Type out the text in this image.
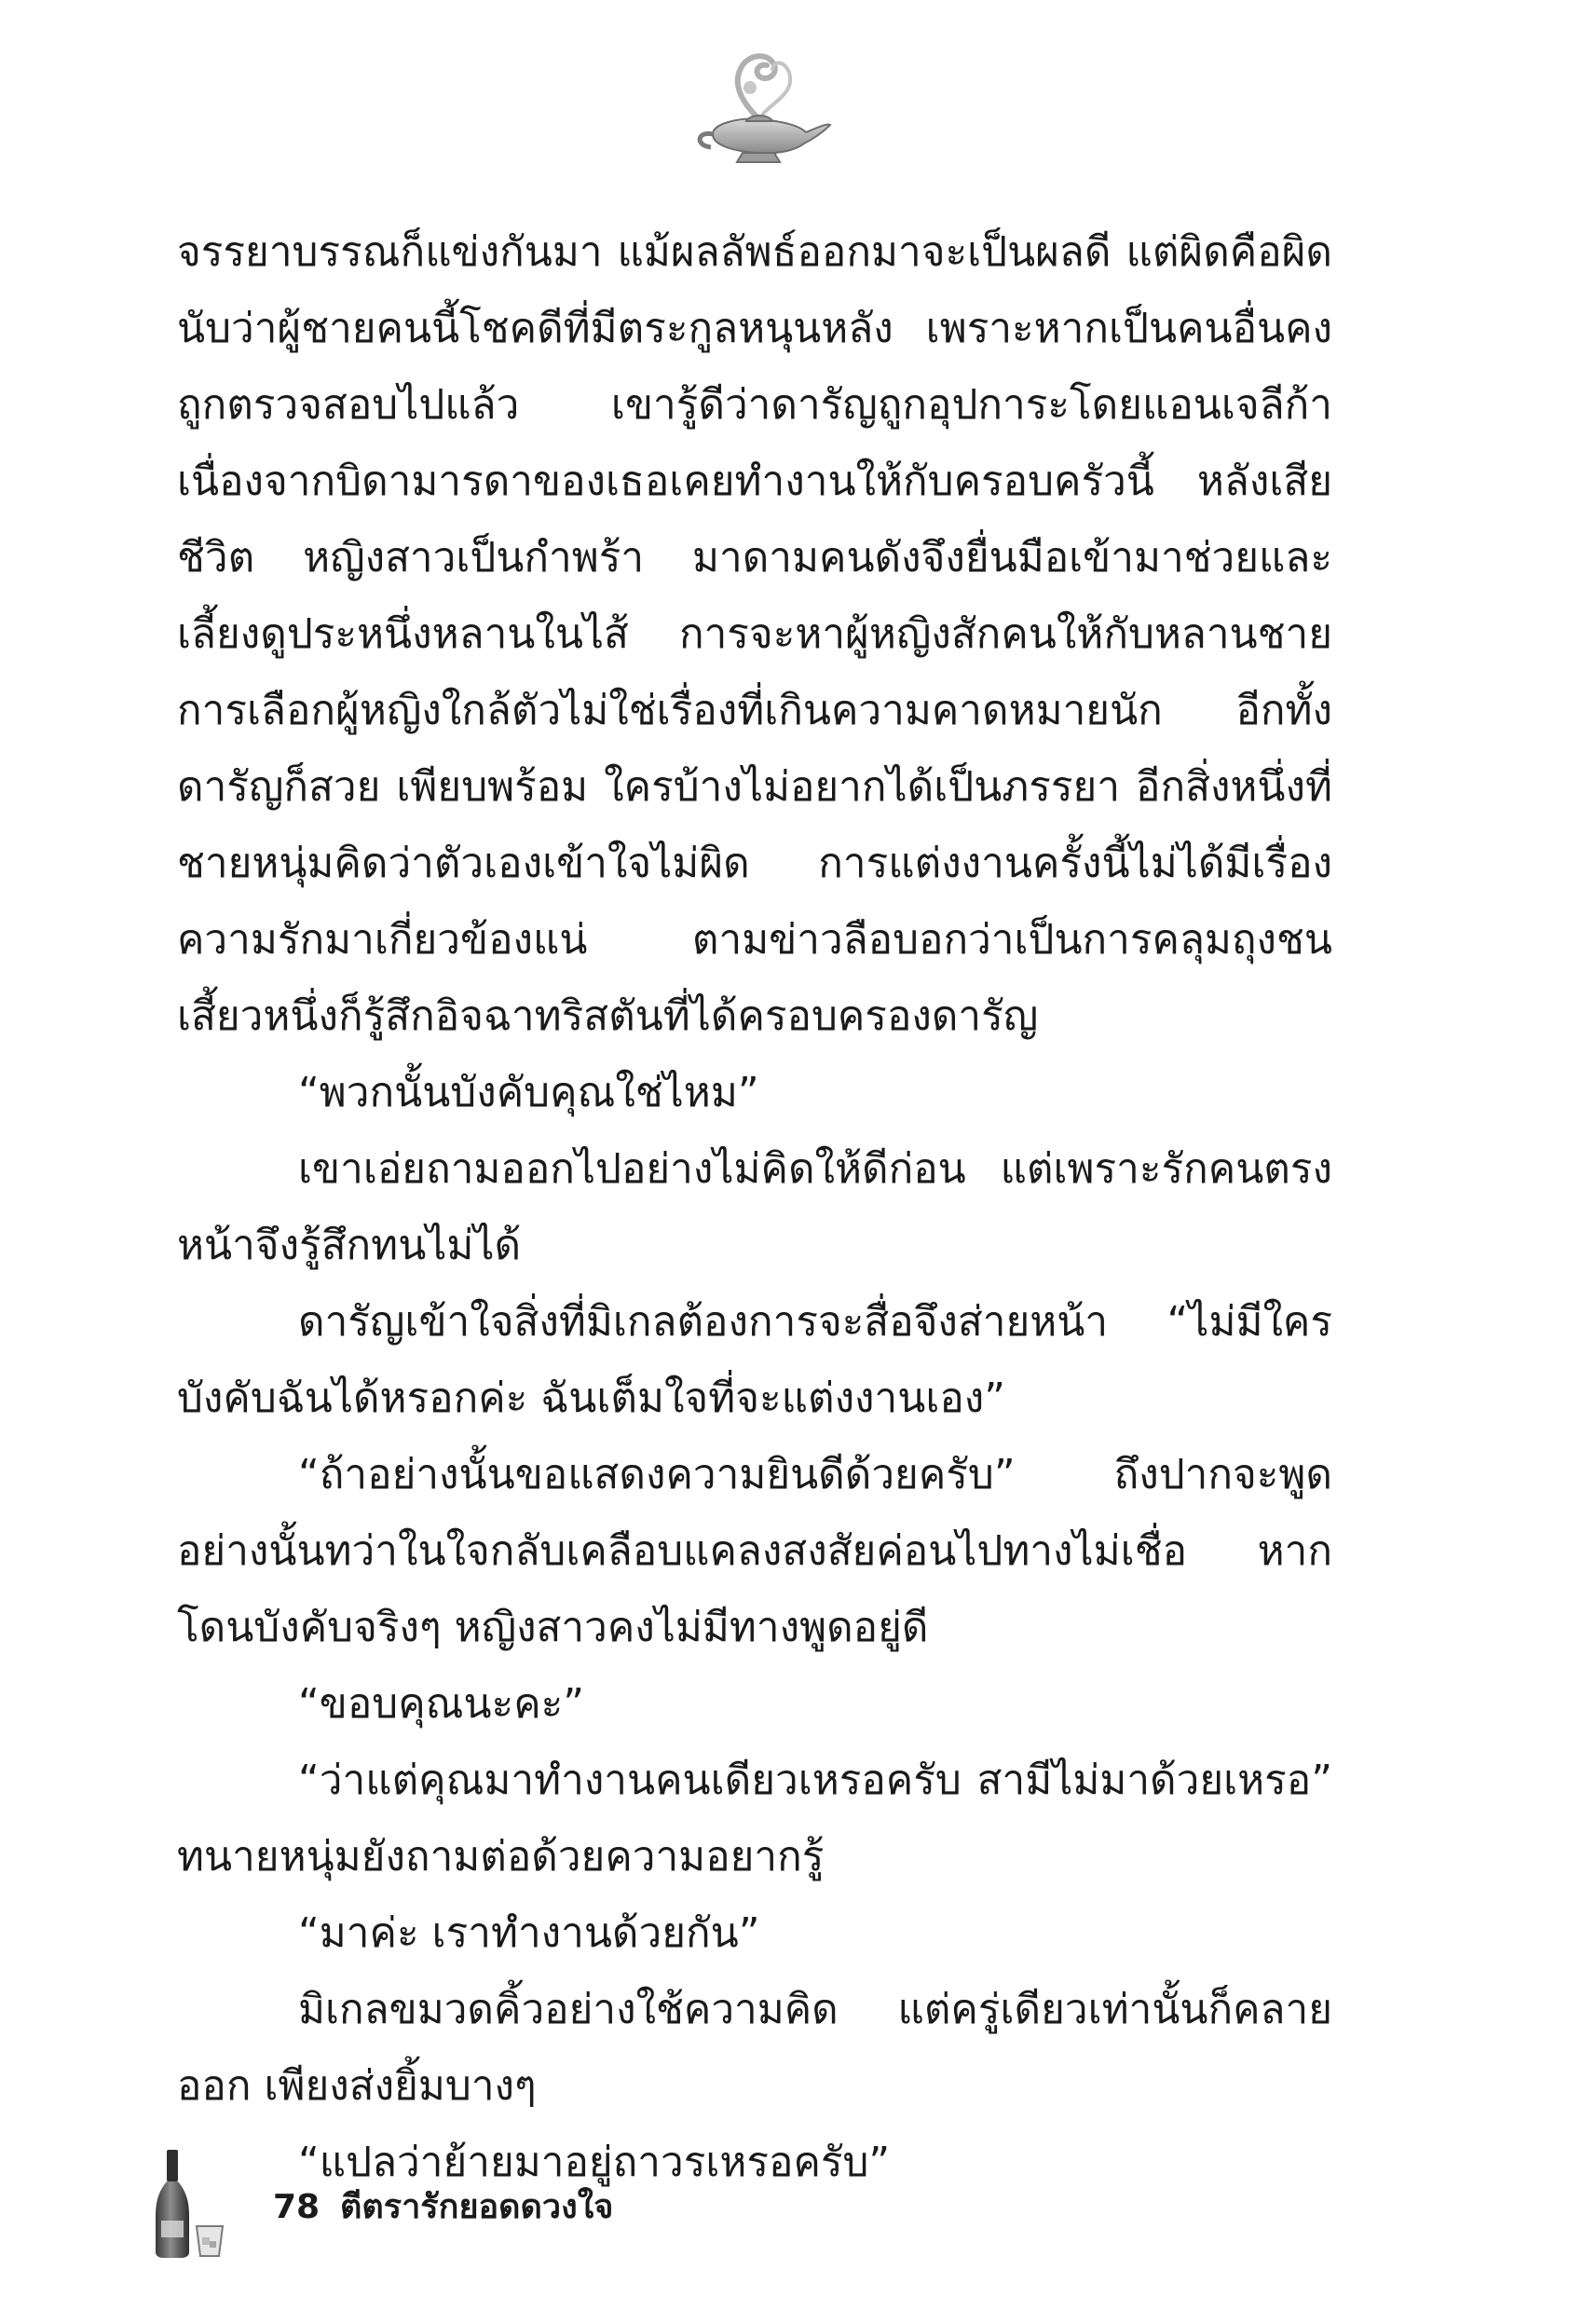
จรรยาบรรณก็แข่งกันมา แม้ผลลัพธ์ออกมาจะเป็นผลดี แต่ผิดคือผิด นับว่าผู้ชายคนนี้โชคดีที่มีตระกูลหนุนหลัง เพราะหากเป็นคนอื่นคงถูกตรวจสอบไปแล้ว เขารู้ดีว่าดารัญถูกอุปการะโดยแอนเจลีก้า เนื่องจากบิดามารดาของเธอเคยทำงานให้กับครอบครัวนี้ หลังเสียชีวิต หญิงสาวเป็นกำพร้า มาดามคนดังจึงยื่นมือเข้ามาช่วยและเลี้ยงดูประหนึ่งหลานในไส้ การจะหาผู้หญิงสักคนให้กับหลานชาย การเลือกผู้หญิงใกล้ตัวไม่ใช่เรื่องที่เกินความคาดหมายนัก อีกทั้งดารัญก็สวย เพียบพร้อม ใครบ้างไม่อยากได้เป็นภรรยา อีกสิ่งหนึ่งที่ชายหนุ่มคิดว่าตัวเองเข้าใจไม่ผิด การแต่งงานครั้งนี้ไม่ได้มีเรื่องความรักมาเกี่ยวข้องแน่ ตามข่าวลือบอกว่าเป็นการคลุมถุงชน เสี้ยวหนึ่งก็รู้สึกอิจฉาทริสตันที่ได้ครอบครองดารัญ

“พวกนั้นบังคับคุณใช่ไหม”

เขาเอ่ยถามออกไปอย่างไม่คิดให้ดีก่อน แต่เพราะรักคนตรงหน้าจึงรู้สึกทนไม่ได้

ดารัญเข้าใจสิ่งที่มิเกลต้องการจะสื่อจึงส่ายหน้า “ไม่มีใครบังคับฉันได้หรอกค่ะ ฉันเต็มใจที่จะแต่งงานเอง”

“ถ้าอย่างนั้นขอแสดงความยินดีด้วยครับ” ถึงปากจะพูดอย่างนั้นทว่าในใจกลับเคลือบแคลงสงสัยค่อนไปทางไม่เชื่อ หากโดนบังคับจริงๆ หญิงสาวคงไม่มีทางพูดอยู่ดี

“ขอบคุณนะคะ”

“ว่าแต่คุณมาทำงานคนเดียวเหรอครับ สามีไม่มาด้วยเหรอ” ทนายหนุ่มยังถามต่อด้วยความอยากรู้

“มาค่ะ เราทำงานด้วยกัน”

มิเกลขมวดคิ้วอย่างใช้ความคิด แต่ครู่เดียวเท่านั้นก็คลายออก เพียงส่งยิ้มบางๆ

“แปลว่าย้ายมาอยู่ถาวรเหรอครับ”

78 ตีตรารักยอดดวงใจ
